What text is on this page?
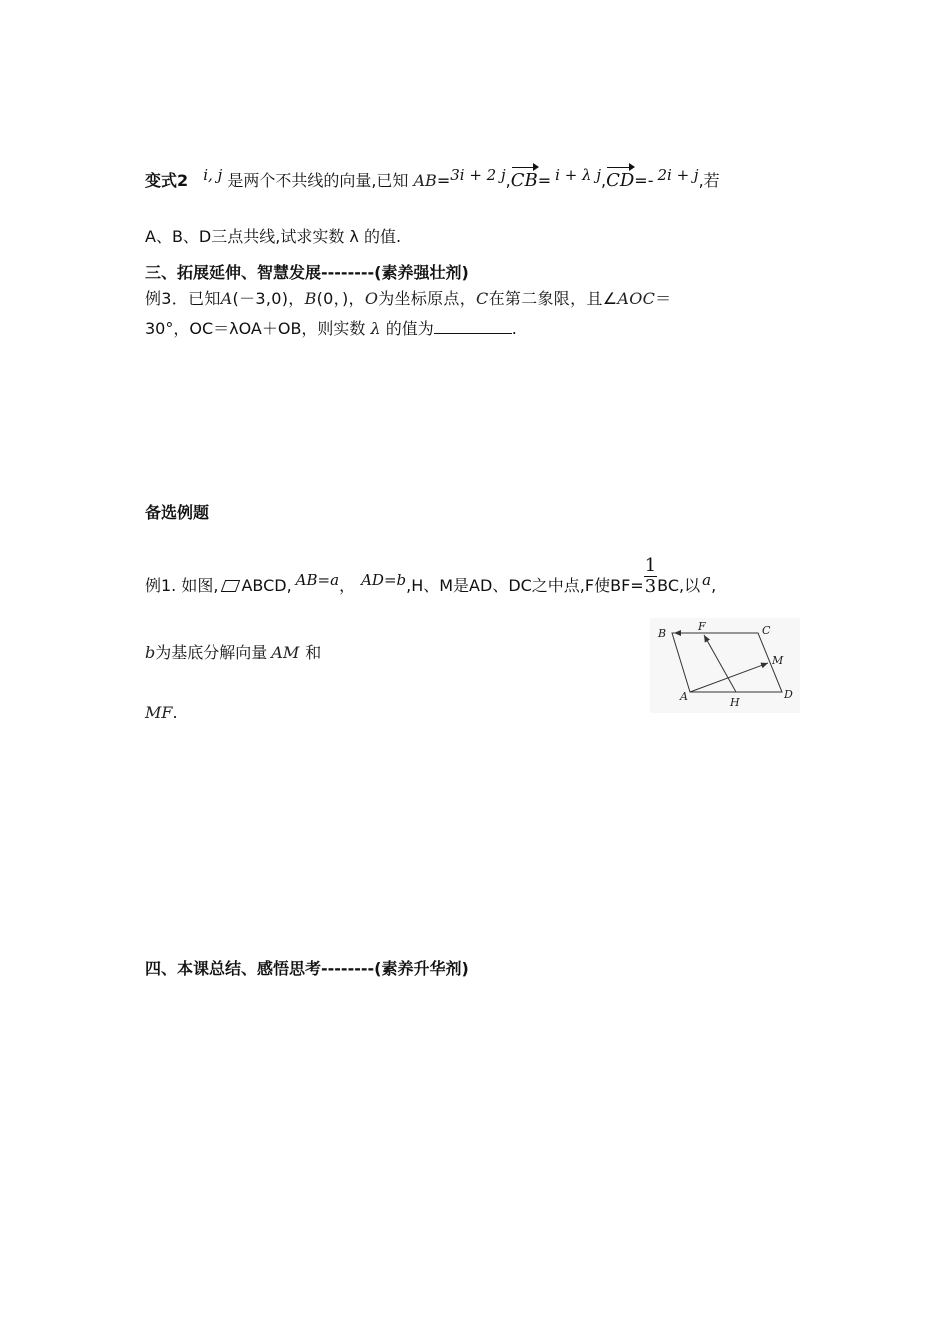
变式2 i, j 是两个不共线的向量,已知 AB=3i + 2 j,CB= i + λ j,CD=- 2i + j,若
A、B、D三点共线,试求实数 λ 的值.
三、拓展延伸、智慧发展--------(素养强壮剂)
例3．已知A(－3,0)，B(0，)，O为坐标原点，C在第二象限，且∠AOC＝
30°，OC＝λOA＋OB，则实数 λ 的值为	.
备选例题
例1. 如图, ABCD, AB=a， AD=b,H、M是AD、DC之中点,F使$BF= \frac{1}{3}$ BC,以 a,
b为基底分解向量 AM 和
MF.
B
F	C
M
A	H
D
四、本课总结、感悟思考--------(素养升华剂)
